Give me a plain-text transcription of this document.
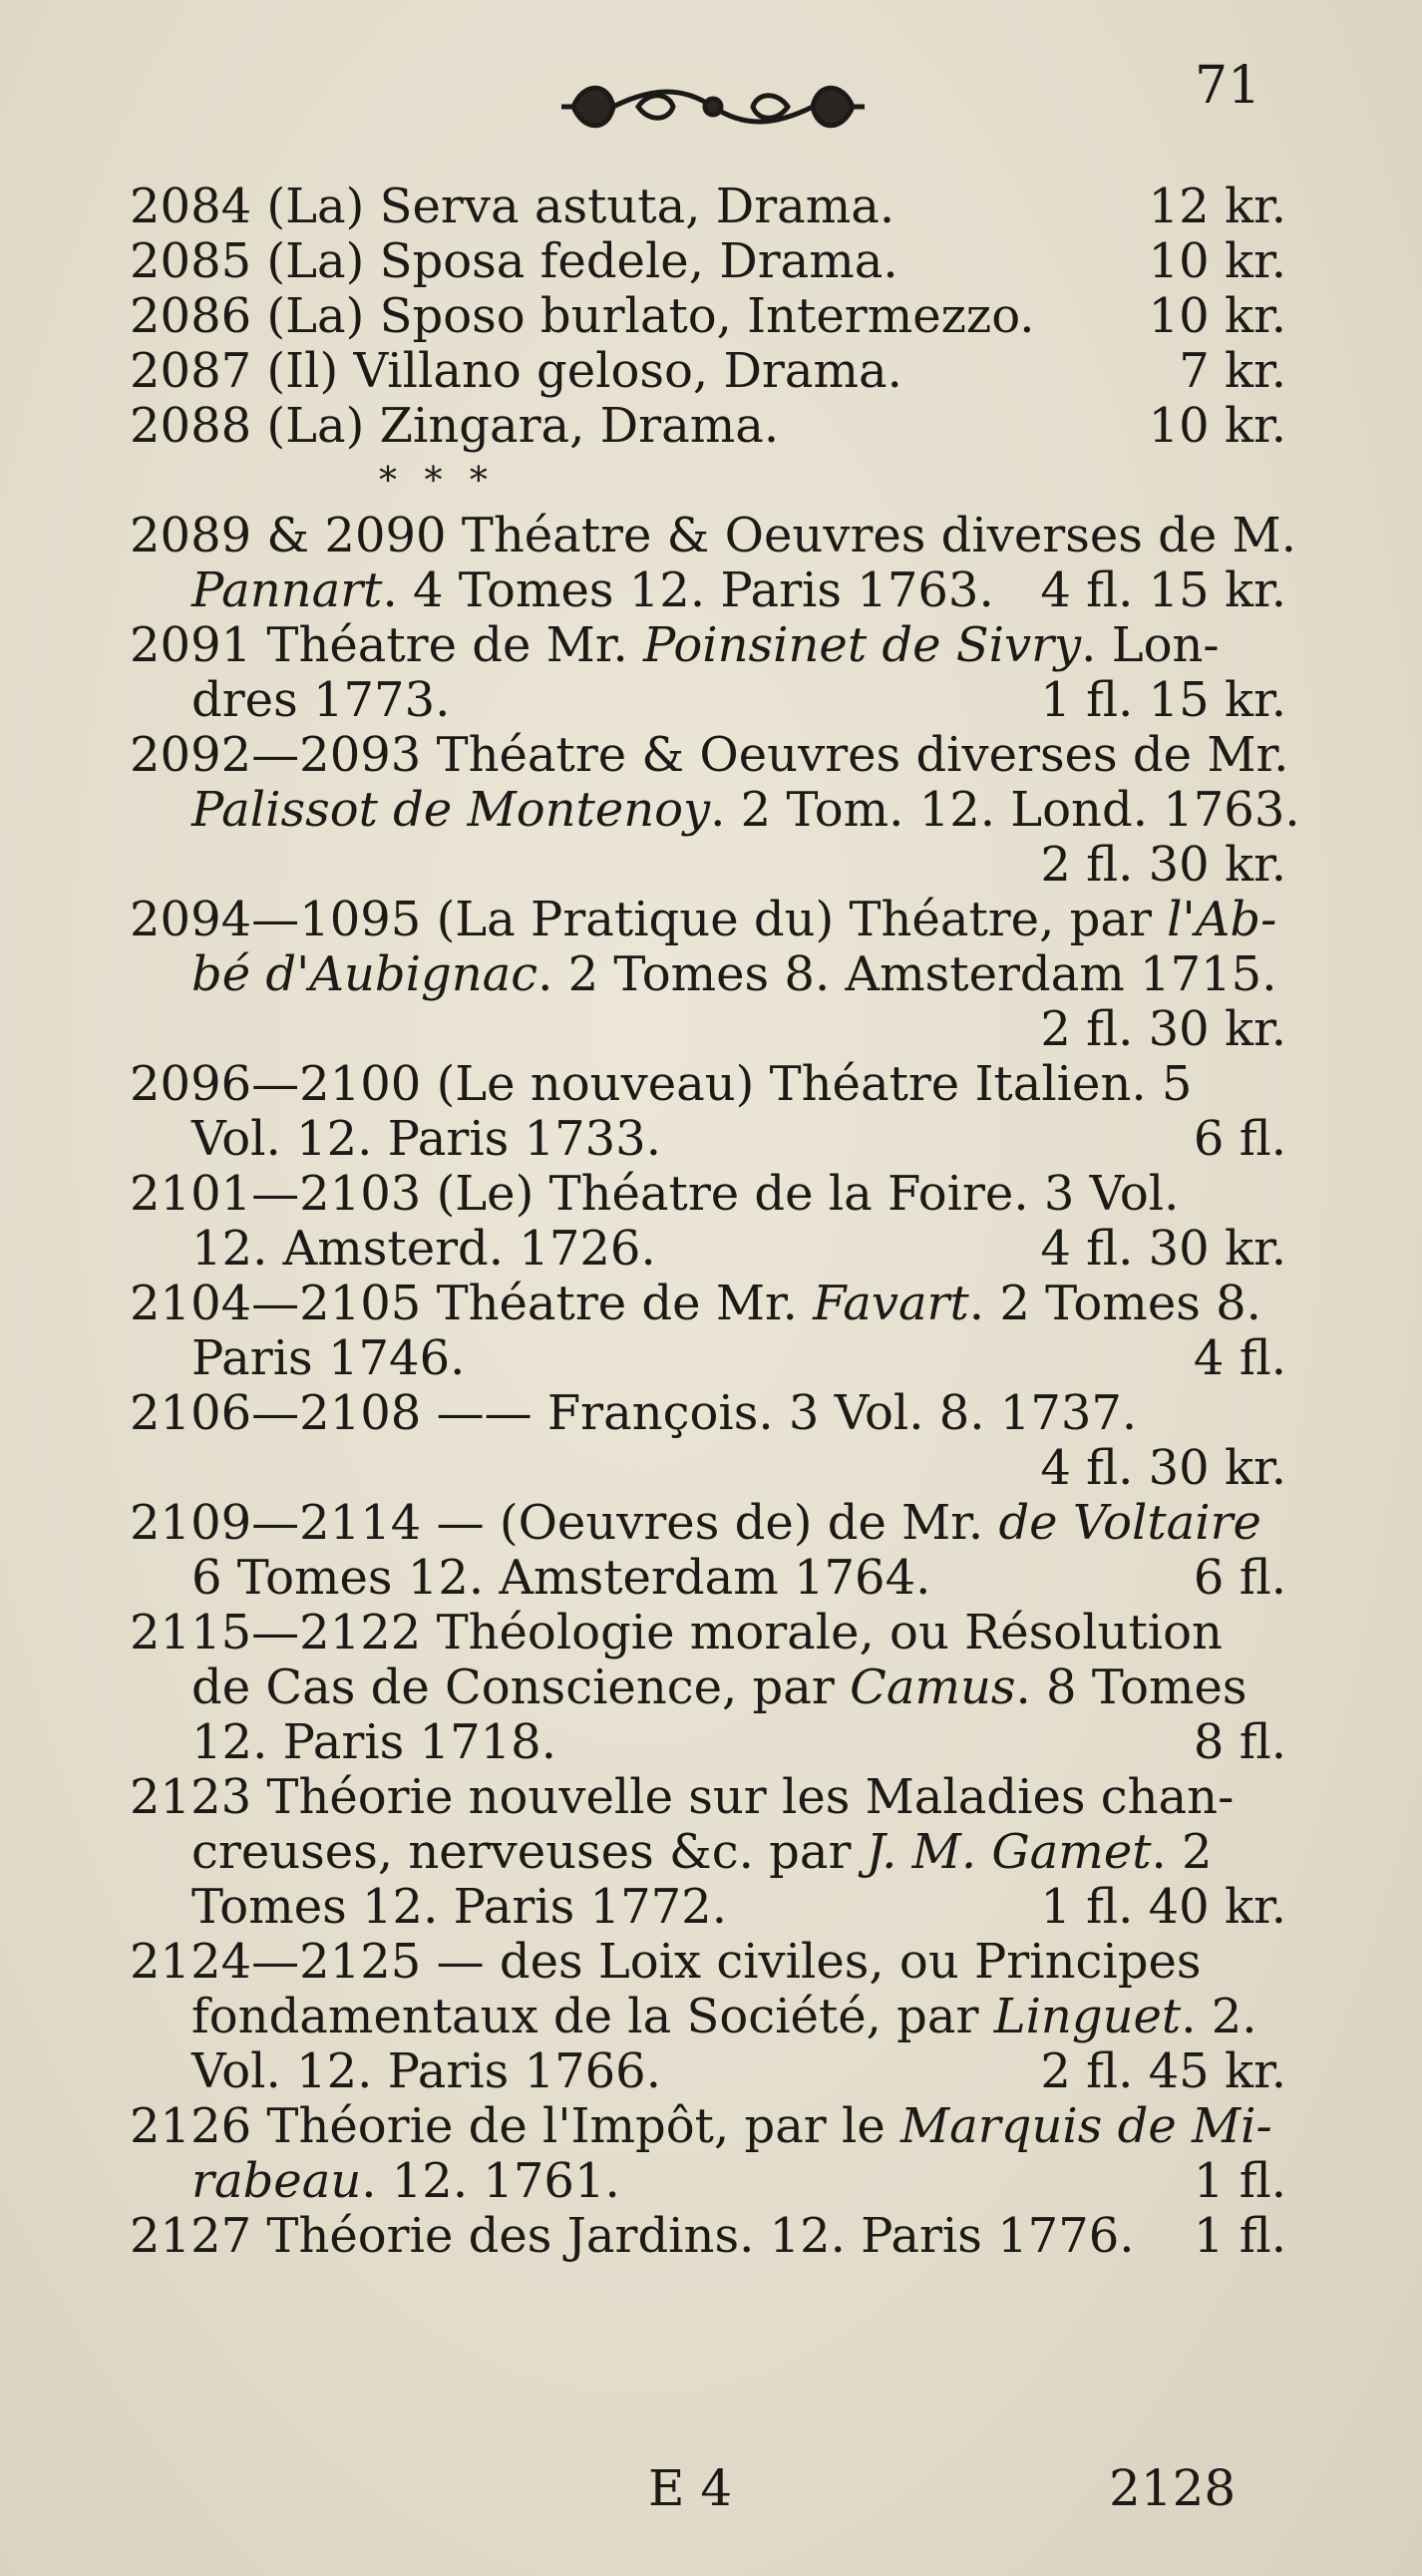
71
2084 (La) Serva astuta, Drama.	12 kr.
2085 (La) Sposa fedele, Drama.	10 kr.
2086 (La) Sposo burlato, Intermezzo. 10 kr.
2087 (Il) Villano geloso, Drama.	7 kr.
2088 (La) Zingara, Drama.	10 kr.
* * *
2089 & 2090 Théatre & Oeuvres diverses de M.
Pannart. 4 Tomes 12. Paris 1763. 4 fl. 15 kr.
2091 Théatre de Mr. Poinsinet de Sivry. Lon-
dres 1773.	1 fl. 15 kr.
2092—2093 Théatre & Oeuvres diverses de Mr.
Palissot de Montenoy. 2 Tom. 12. Lond. 1763.
2 fl. 30 kr.
2094—1095 (La Pratique du) Théatre, par l'Ab-
bé d'Aubignac. 2 Tomes 8. Amsterdam 1715.
2 fl. 30 kr.
2096—2100 (Le nouveau) Théatre Italien. 5
Vol. 12. Paris 1733.	6 fl.
2101—2103 (Le) Théatre de la Foire. 3 Vol.
12. Amsterd. 1726.	4 fl. 30 kr.
2104—2105 Théatre de Mr. Favart. 2 Tomes 8.
Paris 1746.	4 fl.
2106—2108 —— François. 3 Vol. 8. 1737.
4 fl. 30 kr.
2109—2114 — (Oeuvres de) de Mr. de Voltaire
6 Tomes 12. Amsterdam 1764.	6 fl.
2115—2122 Théologie morale, ou Résolution
de Cas de Conscience, par Camus. 8 Tomes
12. Paris 1718.	8 fl.
2123 Théorie nouvelle sur les Maladies chan-
creuses, nerveuses &c. par J. M. Gamet. 2
Tomes 12. Paris 1772.	1 fl. 40 kr.
2124—2125 — des Loix civiles, ou Principes
fondamentaux de la Société, par Linguet. 2.
Vol. 12. Paris 1766.	2 fl. 45 kr.
2126 Théorie de l'Impôt, par le Marquis de Mi-
rabeau. 12. 1761.	1 fl.
2127 Théorie des Jardins. 12. Paris 1776. 1 fl.
E 4	2128
